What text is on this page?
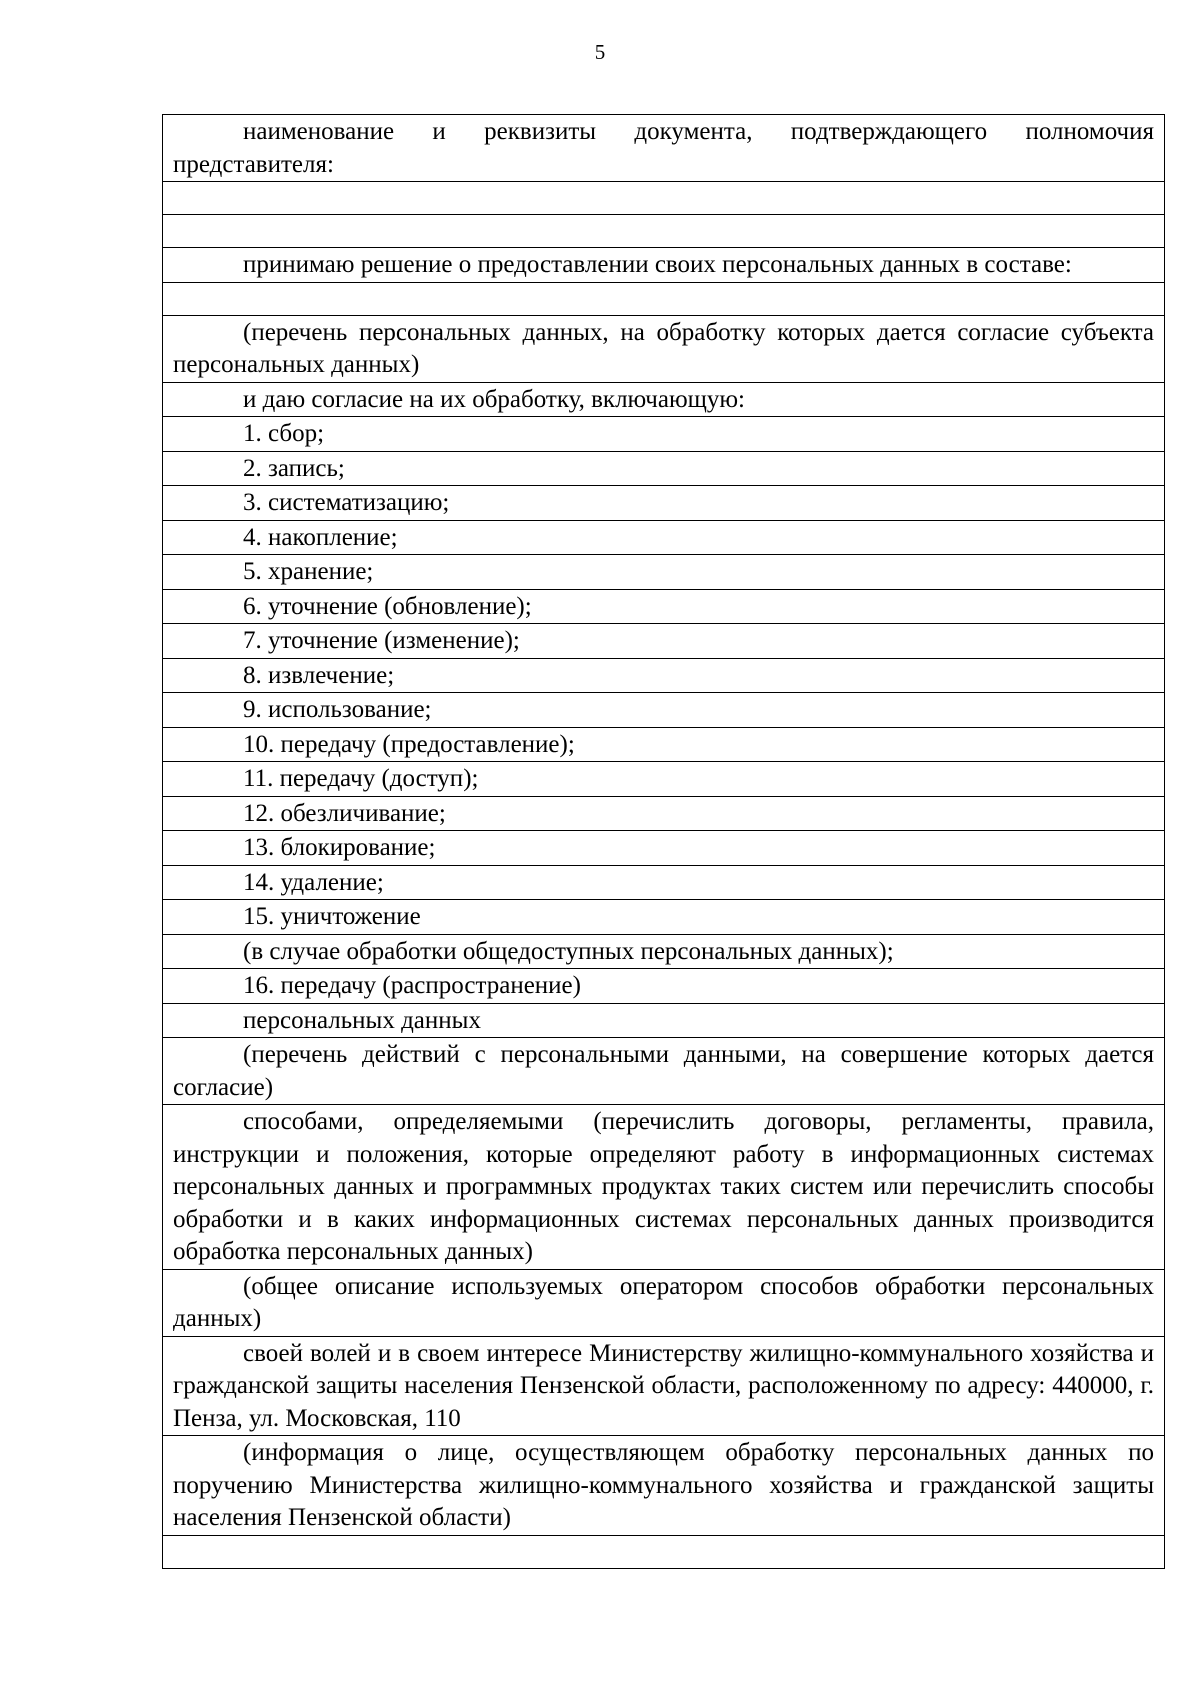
5
наименование и реквизиты документа, подтверждающего полномочия представителя:

принимаю решение о предоставлении своих персональных данных в составе:

(перечень персональных данных, на обработку которых дается согласие субъекта персональных данных)
и даю согласие на их обработку, включающую:
1. сбор;
2. запись;
3. систематизацию;
4. накопление;
5. хранение;
6. уточнение (обновление);
7. уточнение (изменение);
8. извлечение;
9. использование;
10. передачу (предоставление);
11. передачу (доступ);
12. обезличивание;
13. блокирование;
14. удаление;
15. уничтожение
(в случае обработки общедоступных персональных данных);
16. передачу (распространение)
персональных данных
(перечень действий с персональными данными, на совершение которых дается согласие)
способами, определяемыми (перечислить договоры, регламенты, правила, инструкции и положения, которые определяют работу в информационных системах персональных данных и программных продуктах таких систем или перечислить способы обработки и в каких информационных системах персональных данных производится обработка персональных данных)
(общее описание используемых оператором способов обработки персональных данных)
своей волей и в своем интересе Министерству жилищно-коммунального хозяйства и гражданской защиты населения Пензенской области, расположенному по адресу: 440000, г. Пенза, ул. Московская, 110
(информация о лице, осуществляющем обработку персональных данных по поручению Министерства жилищно-коммунального хозяйства и гражданской защиты населения Пензенской области)
